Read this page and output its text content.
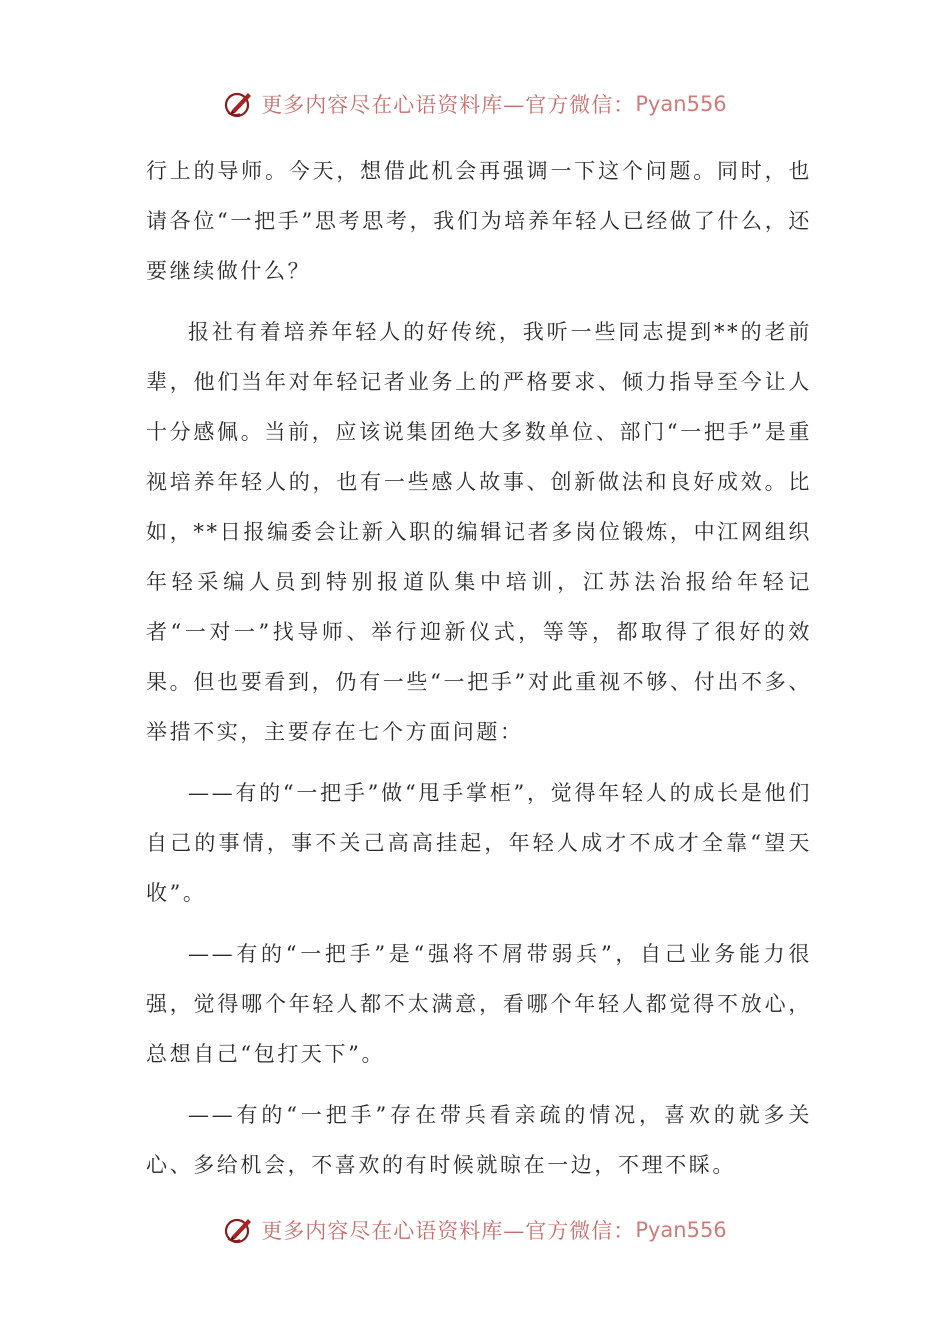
更多内容尽在心语资料库—官方微信： Pyan556

行上的导师。今天，想借此机会再强调一下这个问题。同时，也请各位“一把手”思考思考，我们为培养年轻人已经做了什么，还要继续做什么？

报社有着培养年轻人的好传统，我听一些同志提到**的老前辈，他们当年对年轻记者业务上的严格要求、倾力指导至今让人十分感佩。当前，应该说集团绝大多数单位、部门“一把手”是重视培养年轻人的，也有一些感人故事、创新做法和良好成效。比如，**日报编委会让新入职的编辑记者多岗位锻炼，中江网组织年轻采编人员到特别报道队集中培训，江苏法治报给年轻记者“一对一”找导师、举行迎新仪式，等等，都取得了很好的效果。但也要看到，仍有一些“一把手”对此重视不够、付出不多、举措不实，主要存在七个方面问题：

——有的“一把手”做“甩手掌柜”，觉得年轻人的成长是他们自己的事情，事不关己高高挂起，年轻人成才不成才全靠“望天收”。

——有的“一把手”是“强将不屑带弱兵”，自己业务能力很强，觉得哪个年轻人都不太满意，看哪个年轻人都觉得不放心，总想自己“包打天下”。

——有的“一把手”存在带兵看亲疏的情况，喜欢的就多关心、多给机会，不喜欢的有时候就晾在一边，不理不睬。

更多内容尽在心语资料库—官方微信： Pyan556
